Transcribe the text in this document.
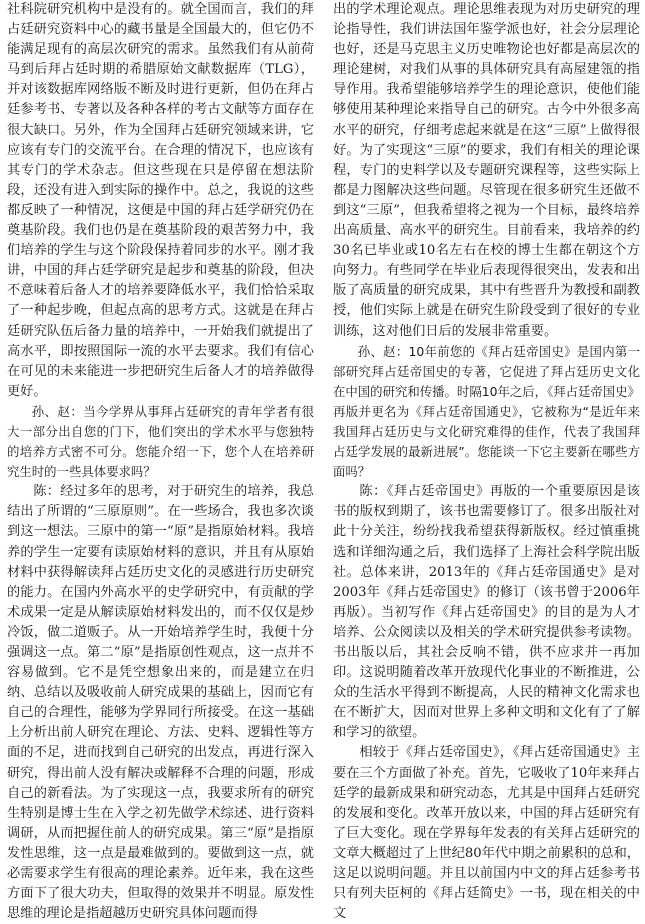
社科院研究机构中是没有的。就全国而言，我们的拜占廷研究资料中心的藏书量是全国最大的，但它仍不能满足现有的高层次研究的需求。虽然我们有从前荷马到后拜占廷时期的希腊原始文献数据库（TLG），并对该数据库网络版不断及时进行更新，但仍在拜占廷参考书、专著以及各种各样的考古文献等方面存在很大缺口。另外，作为全国拜占廷研究领域来讲，它应该有专门的交流平台。在合理的情况下，也应该有其专门的学术杂志。但这些现在只是停留在想法阶段，还没有进入到实际的操作中。总之，我说的这些都反映了一种情况，这便是中国的拜占廷学研究仍在奠基阶段。我们也仍是在奠基阶段的艰苦努力中，我们培养的学生与这个阶段保持着同步的水平。刚才我讲，中国的拜占廷学研究是起步和奠基的阶段，但决不意味着后备人才的培养要降低水平，我们恰恰采取了一种起步晚，但起点高的思考方式。这就是在拜占廷研究队伍后备力量的培养中，一开始我们就提出了高水平，即按照国际一流的水平去要求。我们有信心在可见的未来能进一步把研究生后备人才的培养做得更好。

孙、赵：当今学界从事拜占廷研究的青年学者有很大一部分出自您的门下，他们突出的学术水平与您独特的培养方式密不可分。您能介绍一下，您个人在培养研究生时的一些具体要求吗？

陈：经过多年的思考，对于研究生的培养，我总结出了所谓的“三原原则”。在一些场合，我也多次谈到这一想法。三原中的第一“原”是指原始材料。我培养的学生一定要有读原始材料的意识，并且有从原始材料中获得解读拜占廷历史文化的灵感进行历史研究的能力。在国内外高水平的史学研究中，有贡献的学术成果一定是从解读原始材料发出的，而不仅仅是炒冷饭，做二道贩子。从一开始培养学生时，我便十分强调这一点。第二“原”是指原创性观点，这一点并不容易做到。它不是凭空想象出来的，而是建立在归纳、总结以及吸收前人研究成果的基础上，因而它有自己的合理性，能够为学界同行所接受。在这一基础上分析出前人研究在理论、方法、史料、逻辑性等方面的不足，进而找到自己研究的出发点，再进行深入研究，得出前人没有解决或解释不合理的问题，形成自己的新看法。为了实现这一点，我要求所有的研究生特别是博士生在入学之初先做学术综述、进行资料调研，从而把握住前人的研究成果。第三“原”是指原发性思维，这一点是最难做到的。要做到这一点，就必需要求学生有很高的理论素养。近年来，我在这些方面下了很大功夫，但取得的效果并不明显。原发性思维的理论是指超越历史研究具体问题而得

出的学术理论观点。理论思维表现为对历史研究的理论指导性，我们讲法国年鉴学派也好，社会分层理论也好，还是马克思主义历史唯物论也好都是高层次的理论建树，对我们从事的具体研究具有高屋建瓴的指导作用。我希望能够培养学生的理论意识，使他们能够使用某种理论来指导自己的研究。古今中外很多高水平的研究，仔细考虑起来就是在这“三原”上做得很好。为了实现这“三原”的要求，我们有相关的理论课程，专门的史料学以及专题研究课程等，这些实际上都是力图解决这些问题。尽管现在很多研究生还做不到这“三原”，但我希望将之视为一个目标，最终培养出高质量、高水平的研究生。目前看来，我培养的约30名已毕业或10名左右在校的博士生都在朝这个方向努力。有些同学在毕业后表现得很突出，发表和出版了高质量的研究成果，其中有些晋升为教授和副教授，他们实际上就是在研究生阶段受到了很好的专业训练，这对他们日后的发展非常重要。

孙、赵：10年前您的《拜占廷帝国史》是国内第一部研究拜占廷帝国史的专著，它促进了拜占廷历史文化在中国的研究和传播。时隔10年之后，《拜占廷帝国史》再版并更名为《拜占廷帝国通史》，它被称为“是近年来我国拜占廷历史与文化研究难得的佳作，代表了我国拜占廷学发展的最新进展”。您能谈一下它主要新在哪些方面吗？

陈：《拜占廷帝国史》再版的一个重要原因是该书的版权到期了，该书也需要修订了。很多出版社对此十分关注，纷纷找我希望获得新版权。经过慎重挑选和详细沟通之后，我们选择了上海社会科学院出版社。总体来讲，2013年的《拜占廷帝国通史》是对2003年《拜占廷帝国史》的修订（该书曾于2006年再版）。当初写作《拜占廷帝国史》的目的是为人才培养、公众阅读以及相关的学术研究提供参考读物。书出版以后，其社会反响不错，供不应求并一再加印。这说明随着改革开放现代化事业的不断推进，公众的生活水平得到不断提高，人民的精神文化需求也在不断扩大，因而对世界上多种文明和文化有了了解和学习的欲望。

相较于《拜占廷帝国史》，《拜占廷帝国通史》主要在三个方面做了补充。首先，它吸收了10年来拜占廷学的最新成果和研究动态，尤其是中国拜占廷研究的发展和变化。改革开放以来，中国的拜占廷研究有了巨大变化。现在学界每年发表的有关拜占廷研究的文章大概超过了上世纪80年代中期之前累积的总和，这足以说明问题。并且以前国内中文的拜占廷参考书只有列夫臣柯的《拜占廷简史》一书，现在相关的中文
